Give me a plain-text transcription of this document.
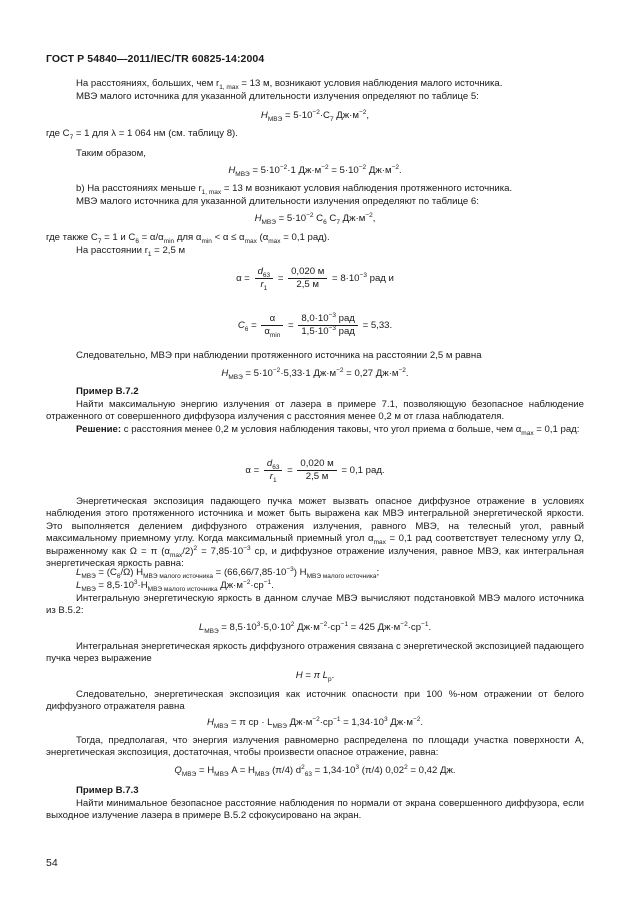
ГОСТ Р 54840—2011/IEC/TR 60825-14:2004
На расстояниях, больших, чем $r_{1, max} = 13$ м, возникают условия наблюдения малого источника.
МВЭ малого источника для указанной длительности излучения определяют по таблице 5:
$H_{МВЭ} = 5\cdot 10^{-2}\cdot C_7$ $Дж\cdot м^{-2}$,
где $C_7 = 1$ для λ = 1 064 нм (см. таблицу 8).
Таким образом,
$H_{МВЭ} = 5\cdot 10^{-2}\cdot 1$ $Дж\cdot м^{-2} = 5\cdot 10^{-2}$ $Дж\cdot м^{-2}$.
b) На расстояниях меньше $r_{1, max} = 13$ м возникают условия наблюдения протяженного источника.
МВЭ малого источника для указанной длительности излучения определяют по таблице 6:
$H_{МВЭ} = 5\cdot 10^{-2}$ $C_6$ $C_7$ $Дж\cdot м^{-2}$,
где также $C_7 = 1$ и $C_6 = \alpha/\alpha_{min}$ для $\alpha_{min} < \alpha \le \alpha_{max}$ ($\alpha_{max} = 0,1$ рад).
На расстоянии $r_1 = 2,5$ м
$\alpha = \frac{d_{63}}{r_1} = \frac{0,020 м}{2,5 м} = 8\cdot 10^{-3}$ рад и
$C_6 = \frac{\alpha}{\alpha_{min}} = \frac{8,0\cdot 10^{-3} рад}{1,5\cdot 10^{-3} рад} = 5,33$.
Следовательно, МВЭ при наблюдении протяженного источника на расстоянии 2,5 м равна
$H_{МВЭ} = 5\cdot 10^{-2}\cdot 5,33\cdot 1$ $Дж\cdot м^{-2} = 0,27$ $Дж\cdot м^{-2}$.
Пример B.7.2
Найти максимальную энергию излучения от лазера в примере 7.1, позволяющую безопасное наблюдение отраженного от совершенного диффузора излучения с расстояния менее 0,2 м от глаза наблюдателя.
Решение: с расстояния менее 0,2 м условия наблюдения таковы, что угол приема α больше, чем $\alpha_{max} = 0,1$ рад:
$\alpha = \frac{d_{63}}{r_1} = \frac{0,020 м}{2,5 м} = 0,1$ рад.
Энергетическая экспозиция падающего пучка может вызвать опасное диффузное отражение в условиях наблюдения этого протяженного источника и может быть выражена как МВЭ интегральной энергетической яркости. Это выполняется делением диффузного отражения излучения, равного МВЭ, на телесный угол, равный максимальному приемному углу. Когда максимальный приемный угол $\alpha_{max} = 0,1$ рад соответствует телесному углу Ω, выраженному как Ω = π $(\alpha_{max}/2)^2 = 7,85\cdot 10^{-3}$ ср, и диффузное отражение излучения, равное МВЭ, как интегральная энергетическая яркость равна:
$L_{МВЭ} = (C_6/\Omega) H_{МВЭ малого источника} = (66,66/7,85\cdot 10^{-3})$ $H_{МВЭ малого источника}$;
$L_{МВЭ} = 8,5\cdot 10^3\cdot H_{МВЭ малого источника}$ $Дж\cdot м^{-2}\cdot ср^{-1}$.
Интегральную энергетическую яркость в данном случае МВЭ вычисляют подстановкой МВЭ малого источника из B.5.2:
$L_{МВЭ} = 8,5\cdot 10^3\cdot 5,0\cdot 10^2$ $Дж\cdot м^{-2}\cdot ср^{-1} = 425$ $Дж\cdot м^{-2}\cdot ср^{-1}$.
Интегральная энергетическая яркость диффузного отражения связана с энергетической экспозицией падающего пучка через выражение
H = π $L_p$.
Следовательно, энергетическая экспозиция как источник опасности при 100 %-ном отражении от белого диффузного отражателя равна
$H_{МВЭ} = \pi$ ср · $L_{МВЭ}$ $Дж\cdot м^{-2}\cdot ср^{-1} = 1,34\cdot 10^3$ $Дж\cdot м^{-2}$.
Тогда, предполагая, что энергия излучения равномерно распределена по площади участка поверхности A, энергетическая экспозиция, достаточная, чтобы произвести опасное отражение, равна:
$Q_{МВЭ} = H_{МВЭ}$ $A = H_{МВЭ}$ (π/4) $d^2_{63} = 1,34\cdot 10^3$ (π/4) $0,02^2 = 0,42$ Дж.
Пример B.7.3
Найти минимальное безопасное расстояние наблюдения по нормали от экрана совершенного диффузора, если выходное излучение лазера в примере B.5.2 сфокусировано на экран.
54
